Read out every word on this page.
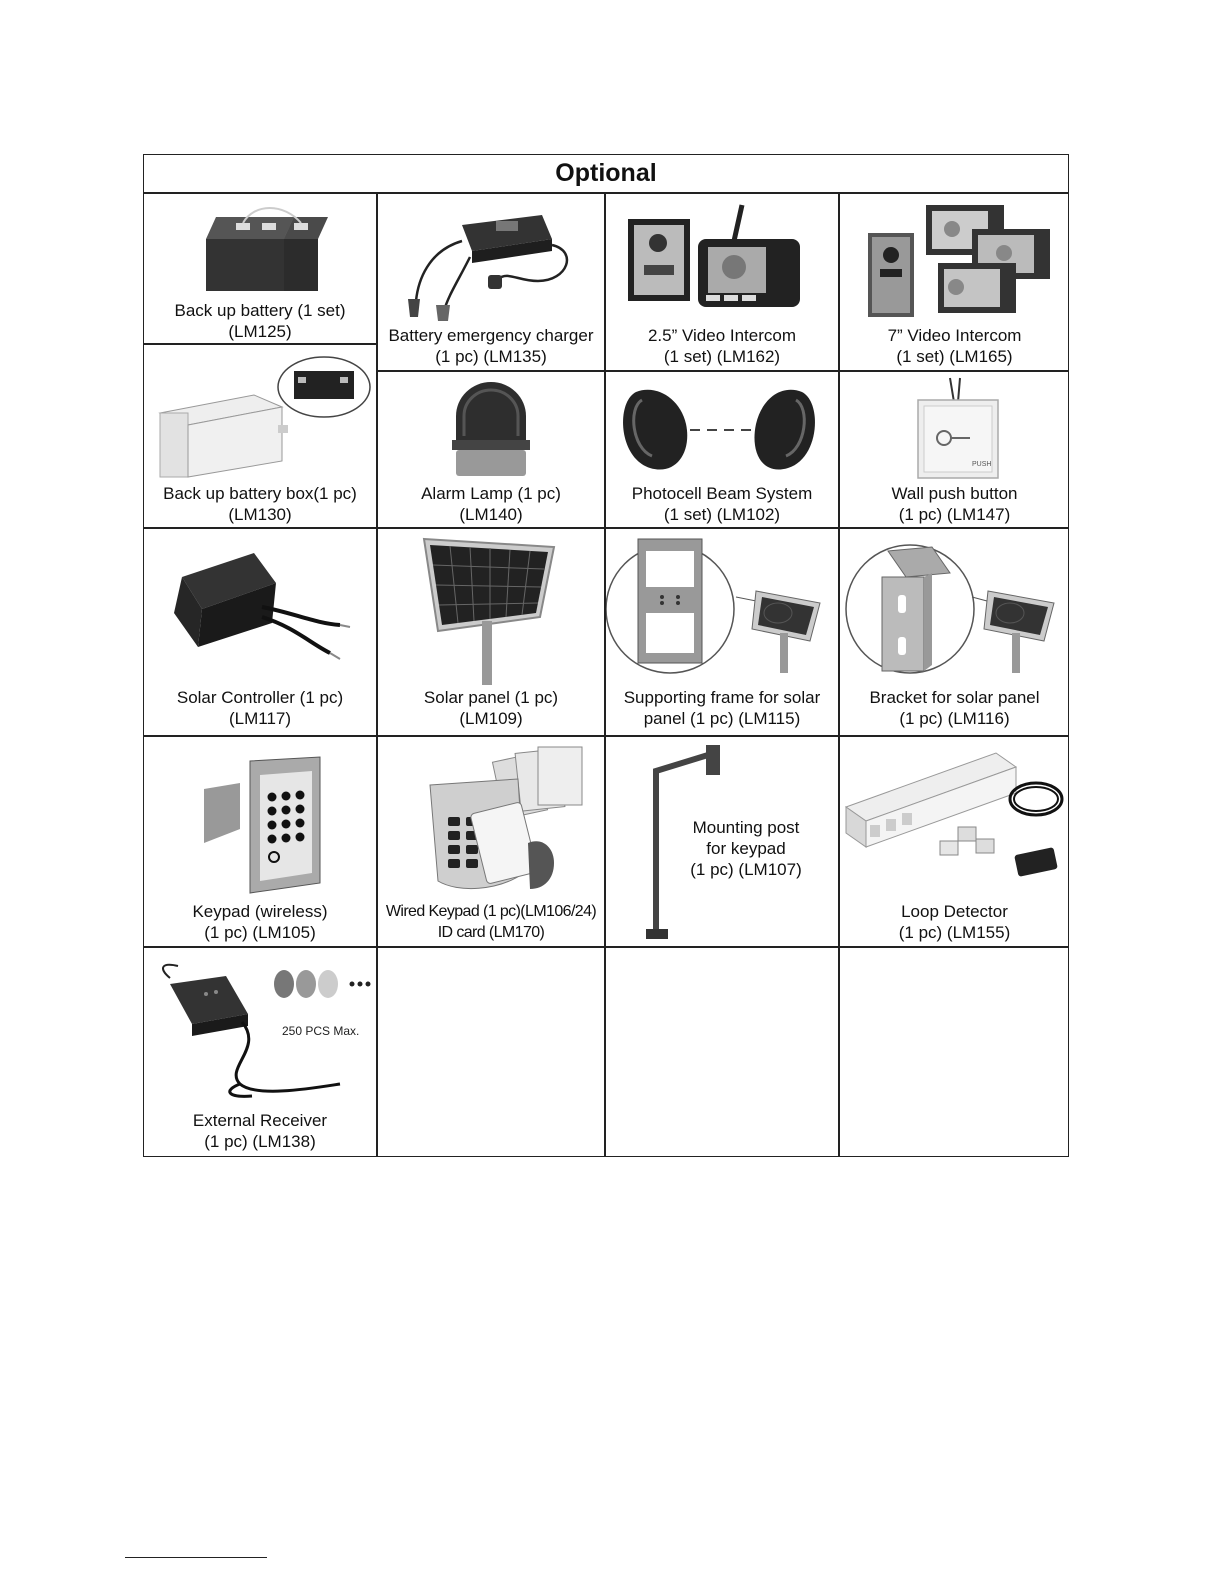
Optional
Back up battery (1 set)
(LM125)	Battery emergency charger
(1 pc) (LM135)
2.5” Video Intercom
(1 set) (LM162)
7” Video Intercom
(1 set) (LM165)
Back up battery box(1 pc)
(LM130)
Alarm Lamp (1 pc)
(LM140)
Photocell Beam System
(1 set) (LM102)
PUSH
Wall push button
(1 pc) (LM147)
Solar Controller (1 pc)
(LM117)
Solar panel (1 pc)
(LM109)
Supporting frame for solar
panel (1 pc) (LM115)
Bracket for solar panel
(1 pc) (LM116)
Keypad (wireless)
(1 pc) (LM105)
Wired Keypad (1 pc)(LM106/24)
ID card (LM170)
Mounting post
for keypad
(1 pc) (LM107)
Loop Detector
(1 pc) (LM155)
250 PCS Max.
External Receiver
(1 pc) (LM138)
